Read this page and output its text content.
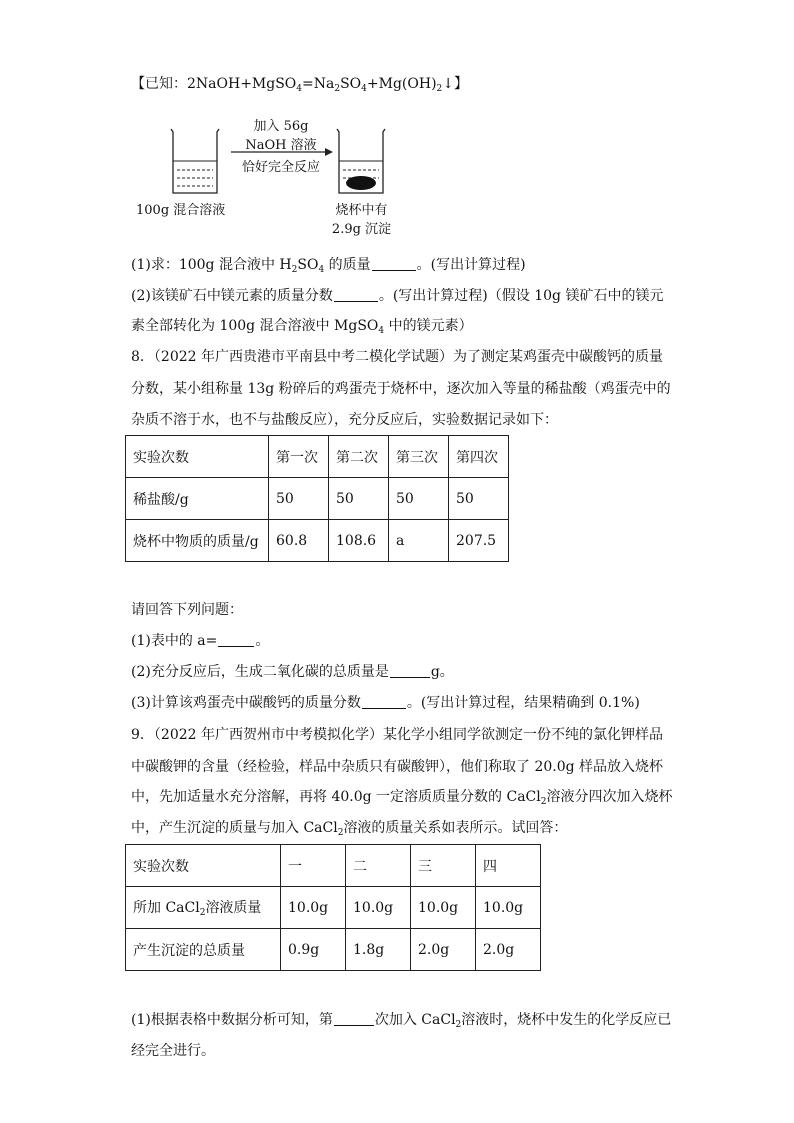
【已知：$2NaOH+MgSO_4=Na_2SO_4+Mg(OH)_2↓$】
加入 56g
NaOH 溶液
恰好完全反应
100g 混合溶液	烧杯中有
2.9g 沉淀
(1)求：100g 混合液中 $H_2SO_4$ 的质量	。(写出计算过程)
(2)该镁矿石中镁元素的质量分数	。(写出计算过程)（假设 10g 镁矿石中的镁元
素全部转化为 100g 混合溶液中 MgSO$_4$ 中的镁元素）
8．（2022 年广西贵港市平南县中考二模化学试题）为了测定某鸡蛋壳中碳酸钙的质量
分数，某小组称量 13g 粉碎后的鸡蛋壳于烧杯中，逐次加入等量的稀盐酸（鸡蛋壳中的
杂质不溶于水，也不与盐酸反应），充分反应后，实验数据记录如下：
实验次数	第一次	第二次	第三次	第四次
稀盐酸/g	50	50	50	50
烧杯中物质的质量/g	60.8	108.6	a	207.5
请回答下列问题：
(1)表中的 a=	。
(2)充分反应后，生成二氧化碳的总质量是	g。
(3)计算该鸡蛋壳中碳酸钙的质量分数	。(写出计算过程，结果精确到 0.1%)
9．（2022 年广西贺州市中考模拟化学）某化学小组同学欲测定一份不纯的氯化钾样品
中碳酸钾的含量（经检验，样品中杂质只有碳酸钾），他们称取了 20.0g 样品放入烧杯
中，先加适量水充分溶解，再将 40.0g 一定溶质质量分数的 CaCl$_2$溶液分四次加入烧杯
中，产生沉淀的质量与加入 CaCl$_2$溶液的质量关系如表所示。试回答：
实验次数	一	二	三	四
所加 CaCl$_2$溶液质量	10.0g	10.0g	10.0g	10.0g
产生沉淀的总质量	0.9g	1.8g	2.0g	2.0g
(1)根据表格中数据分析可知，第	次加入 CaCl$_2$溶液时，烧杯中发生的化学反应已
经完全进行。
